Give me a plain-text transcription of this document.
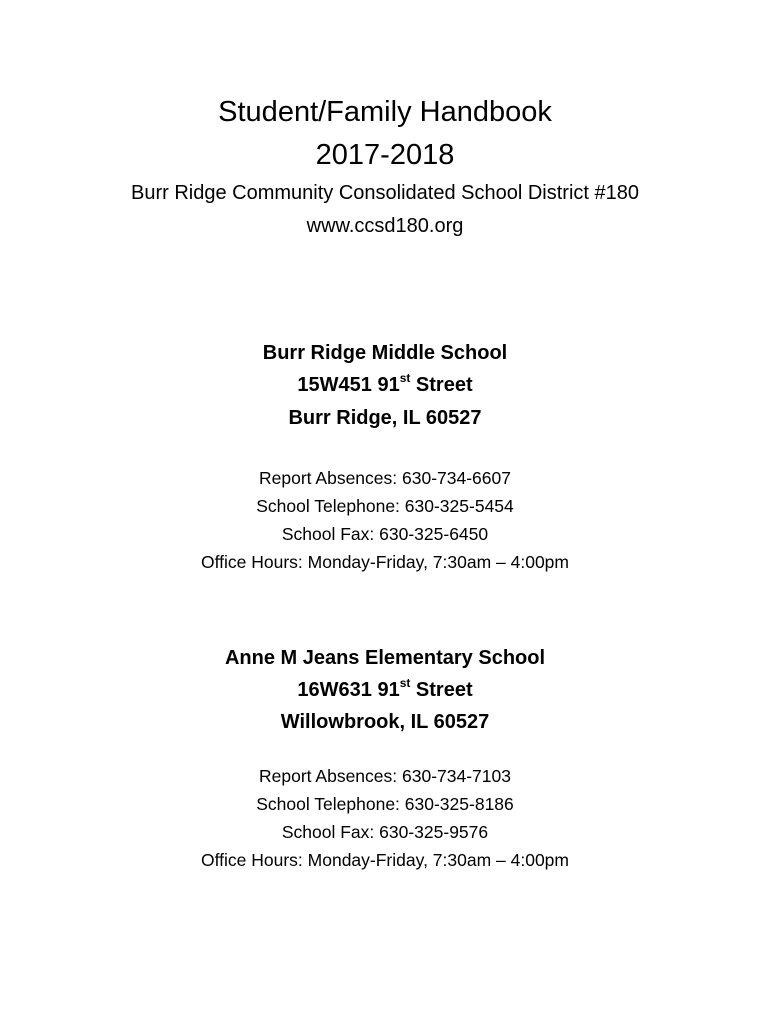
Student/Family Handbook
2017-2018
Burr Ridge Community Consolidated School District #180
www.ccsd180.org
Burr Ridge Middle School
15W451 91st Street
Burr Ridge, IL 60527
Report Absences: 630-734-6607
School Telephone: 630-325-5454
School Fax: 630-325-6450
Office Hours: Monday-Friday, 7:30am – 4:00pm
Anne M Jeans Elementary School
16W631 91st Street
Willowbrook, IL 60527
Report Absences: 630-734-7103
School Telephone: 630-325-8186
School Fax: 630-325-9576
Office Hours: Monday-Friday, 7:30am – 4:00pm
